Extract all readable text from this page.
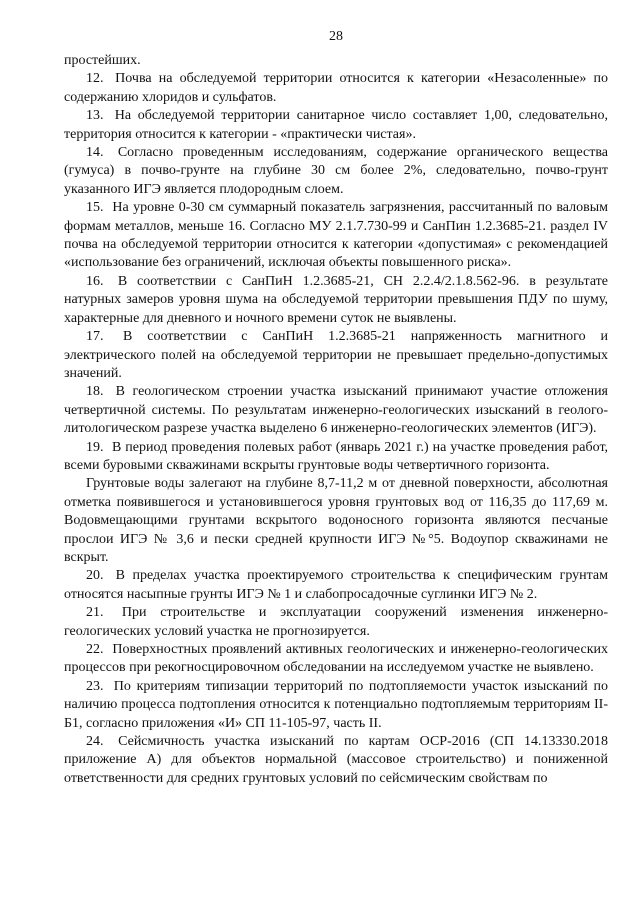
28

простейших.

12. Почва на обследуемой территории относится к категории «Незасоленные» по содержанию хлоридов и сульфатов.

13. На обследуемой территории санитарное число составляет 1,00, следовательно, территория относится к категории - «практически чистая».

14. Согласно проведенным исследованиям, содержание органического вещества (гумуса) в почво-грунте на глубине 30 см более 2%, следовательно, почво-грунт указанного ИГЭ является плодородным слоем.

15. На уровне 0-30 см суммарный показатель загрязнения, рассчитанный по валовым формам металлов, меньше 16. Согласно МУ 2.1.7.730-99 и СанПин 1.2.3685-21. раздел IV почва на обследуемой территории относится к категории «допустимая» с рекомендацией «использование без ограничений, исключая объекты повышенного риска».

16. В соответствии с СанПиН 1.2.3685-21, СН 2.2.4/2.1.8.562-96. в результате натурных замеров уровня шума на обследуемой территории превышения ПДУ по шуму, характерные для дневного и ночного времени суток не выявлены.

17. В соответствии с СанПиН 1.2.3685-21 напряженность магнитного и электрического полей на обследуемой территории не превышает предельно-допустимых значений.

18. В геологическом строении участка изысканий принимают участие отложения четвертичной системы. По результатам инженерно-геологических изысканий в геолого-литологическом разрезе участка выделено 6 инженерно-геологических элементов (ИГЭ).

19. В период проведения полевых работ (январь 2021 г.) на участке проведения работ, всеми буровыми скважинами вскрыты грунтовые воды четвертичного горизонта.

Грунтовые воды залегают на глубине 8,7-11,2 м от дневной поверхности, абсолютная отметка появившегося и установившегося уровня грунтовых вод от 116,35 до 117,69 м. Водовмещающими грунтами вскрытого водоносного горизонта являются песчаные прослои ИГЭ № 3,6 и пески средней крупности ИГЭ №°5. Водоупор скважинами не вскрыт.

20. В пределах участка проектируемого строительства к специфическим грунтам относятся насыпные грунты ИГЭ № 1 и слабопросадочные суглинки ИГЭ № 2.

21. При строительстве и эксплуатации сооружений изменения инженерно-геологических условий участка не прогнозируется.

22. Поверхностных проявлений активных геологических и инженерно-геологических процессов при рекогносцировочном обследовании на исследуемом участке не выявлено.

23. По критериям типизации территорий по подтопляемости участок изысканий по наличию процесса подтопления относится к потенциально подтопляемым территориям II-Б1, согласно приложения «И» СП 11-105-97, часть II.

24. Сейсмичность участка изысканий по картам ОСР-2016 (СП 14.13330.2018 приложение А) для объектов нормальной (массовое строительство) и пониженной ответственности для средних грунтовых условий по сейсмическим свойствам по
